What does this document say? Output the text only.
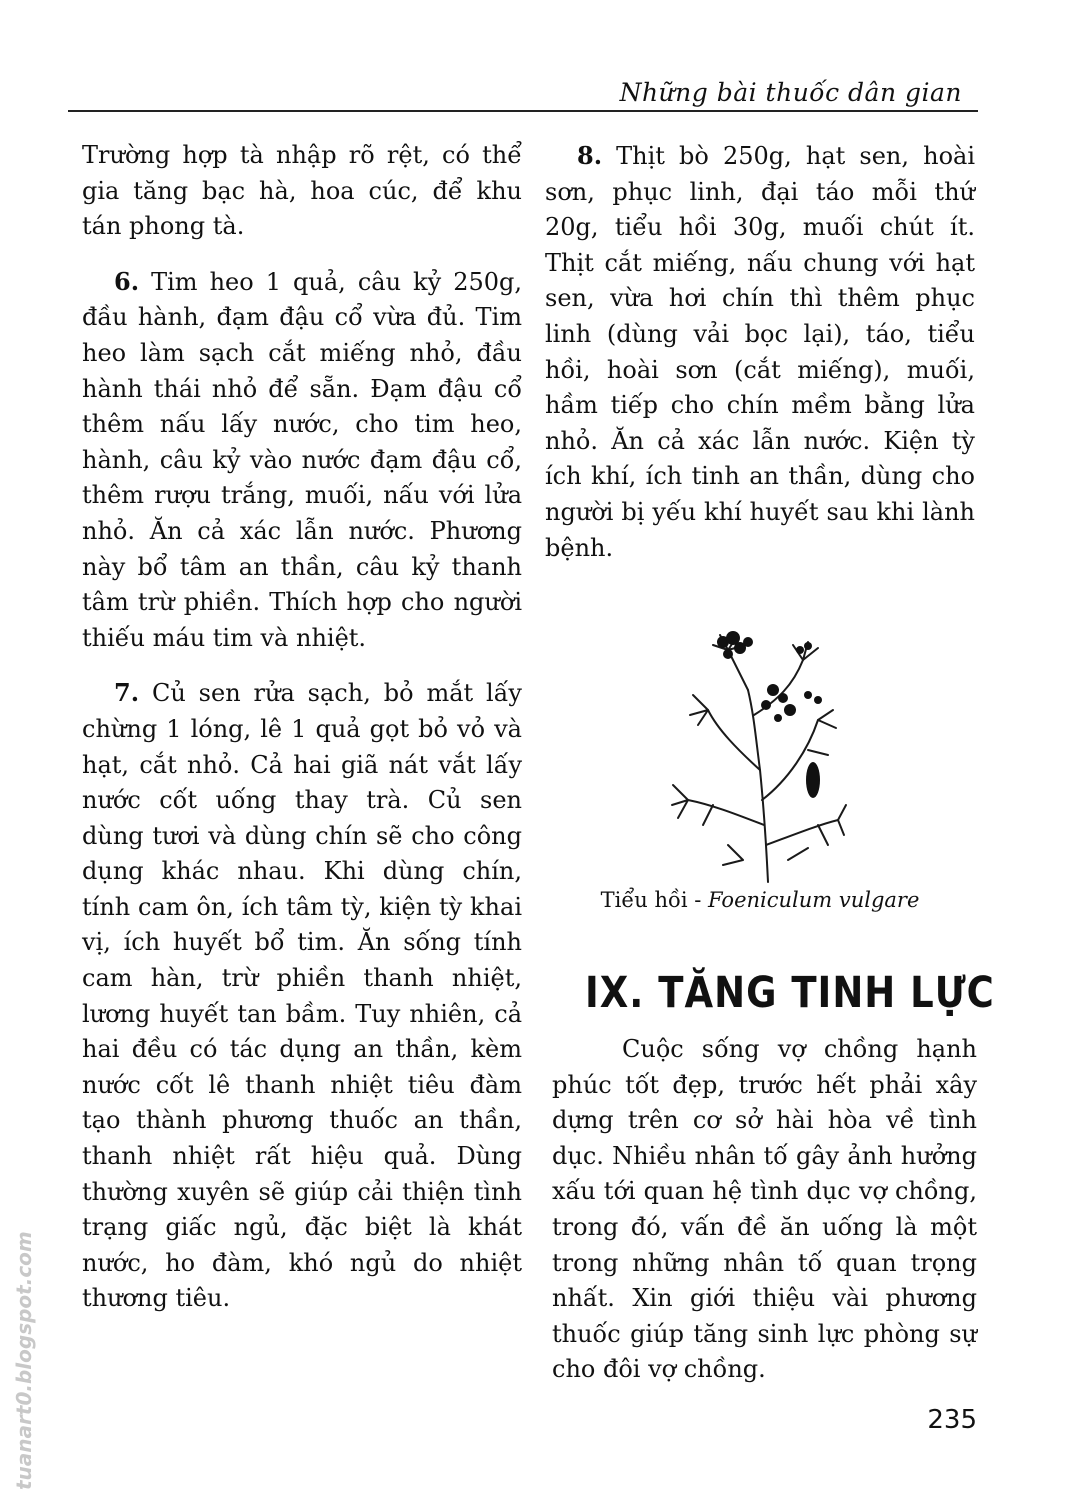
Những bài thuốc dân gian

Trường hợp tà nhập rõ rệt, có thể gia tăng bạc hà, hoa cúc, để khu tán phong tà.

6. Tim heo 1 quả, câu kỷ 250g, đầu hành, đạm đậu cổ vừa đủ. Tim heo làm sạch cắt miếng nhỏ, đầu hành thái nhỏ để sẵn. Đạm đậu cổ thêm nấu lấy nước, cho tim heo, hành, câu kỷ vào nước đạm đậu cổ, thêm rượu trắng, muối, nấu với lửa nhỏ. Ăn cả xác lẫn nước. Phương này bổ tâm an thần, câu kỷ thanh tâm trừ phiền. Thích hợp cho người thiếu máu tim và nhiệt.

7. Củ sen rửa sạch, bỏ mắt lấy chừng 1 lóng, lê 1 quả gọt bỏ vỏ và hạt, cắt nhỏ. Cả hai giã nát vắt lấy nước cốt uống thay trà. Củ sen dùng tươi và dùng chín sẽ cho công dụng khác nhau. Khi dùng chín, tính cam ôn, ích tâm tỳ, kiện tỳ khai vị, ích huyết bổ tim. Ăn sống tính cam hàn, trừ phiền thanh nhiệt, lương huyết tan bầm. Tuy nhiên, cả hai đều có tác dụng an thần, kèm nước cốt lê thanh nhiệt tiêu đàm tạo thành phương thuốc an thần, thanh nhiệt rất hiệu quả. Dùng thường xuyên sẽ giúp cải thiện tình trạng giấc ngủ, đặc biệt là khát nước, ho đàm, khó ngủ do nhiệt thương tiêu.

8. Thịt bò 250g, hạt sen, hoài sơn, phục linh, đại táo mỗi thứ 20g, tiểu hồi 30g, muối chút ít. Thịt cắt miếng, nấu chung với hạt sen, vừa hơi chín thì thêm phục linh (dùng vải bọc lại), táo, tiểu hồi, hoài sơn (cắt miếng), muối, hầm tiếp cho chín mềm bằng lửa nhỏ. Ăn cả xác lẫn nước. Kiện tỳ ích khí, ích tinh an thần, dùng cho người bị yếu khí huyết sau khi lành bệnh.

Tiểu hồi - Foeniculum vulgare
IX. TĂNG TINH LỰC

Cuộc sống vợ chồng hạnh phúc tốt đẹp, trước hết phải xây dựng trên cơ sở hài hòa về tình dục. Nhiều nhân tố gây ảnh hưởng xấu tới quan hệ tình dục vợ chồng, trong đó, vấn đề ăn uống là một trong những nhân tố quan trọng nhất. Xin giới thiệu vài phương thuốc giúp tăng sinh lực phòng sự cho đôi vợ chồng.

235
tuanart0.blogspot.com
